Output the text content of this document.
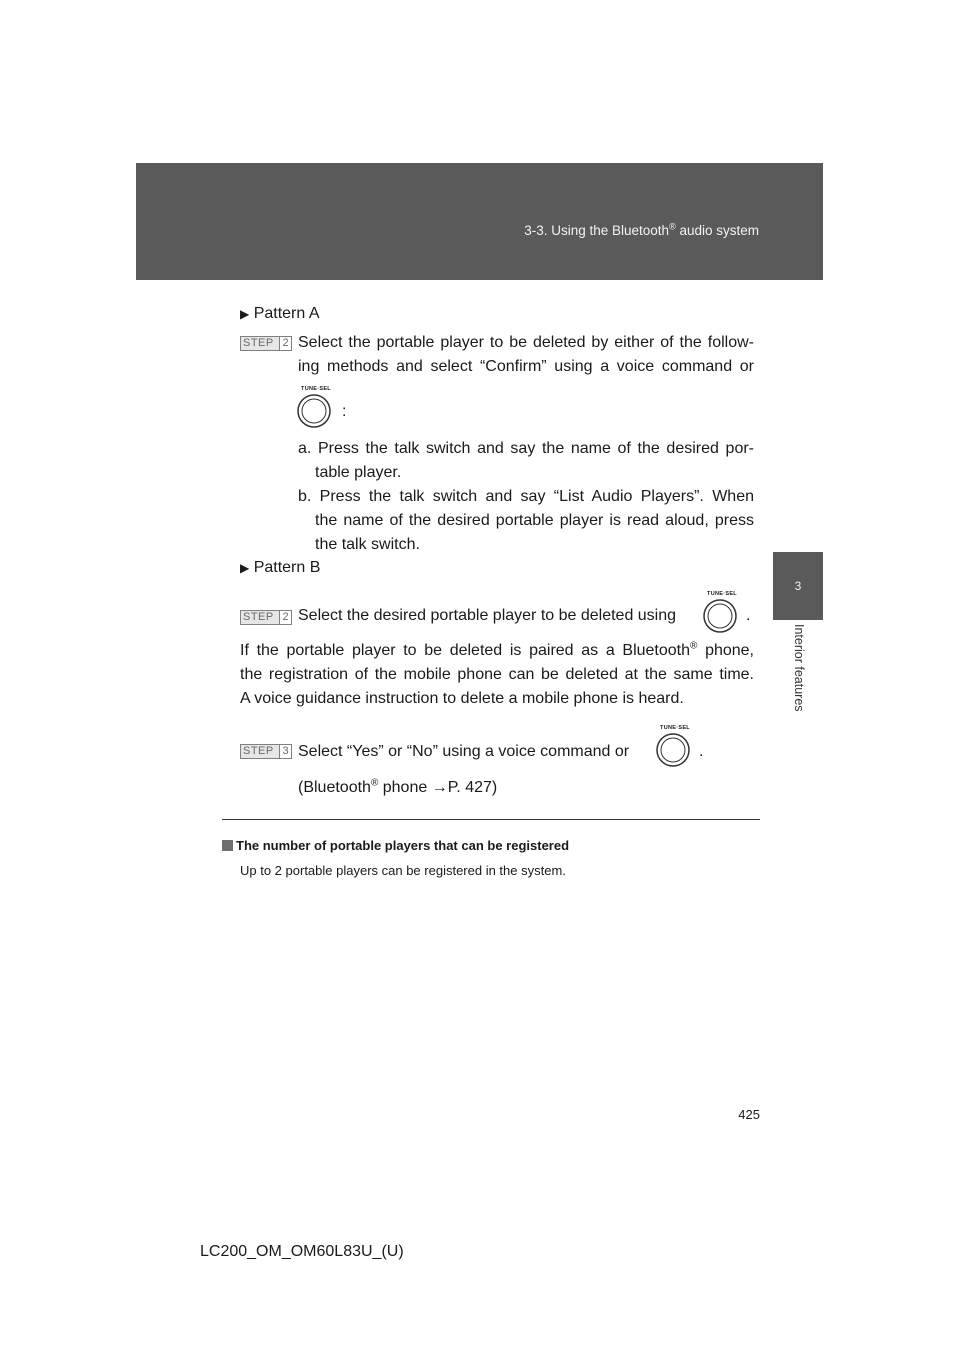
3-3. Using the Bluetooth® audio system
3
Interior features
▶ Pattern A
STEP 2 Select the portable player to be deleted by either of the follow-
ing methods and select “Confirm” using a voice command or
TUNE·SEL
:
a. Press the talk switch and say the name of the desired por-
table player.
b. Press the talk switch and say “List Audio Players”. When
the name of the desired portable player is read aloud, press
the talk switch.
▶ Pattern B
STEP 2 Select the desired portable player to be deleted using
TUNE·SEL
.
If the portable player to be deleted is paired as a Bluetooth® phone,
the registration of the mobile phone can be deleted at the same time.
A voice guidance instruction to delete a mobile phone is heard.
STEP 3 Select “Yes” or “No” using a voice command or
TUNE·SEL
.
(Bluetooth® phone →P. 427)
The number of portable players that can be registered
Up to 2 portable players can be registered in the system.
425
LC200_OM_OM60L83U_(U)
